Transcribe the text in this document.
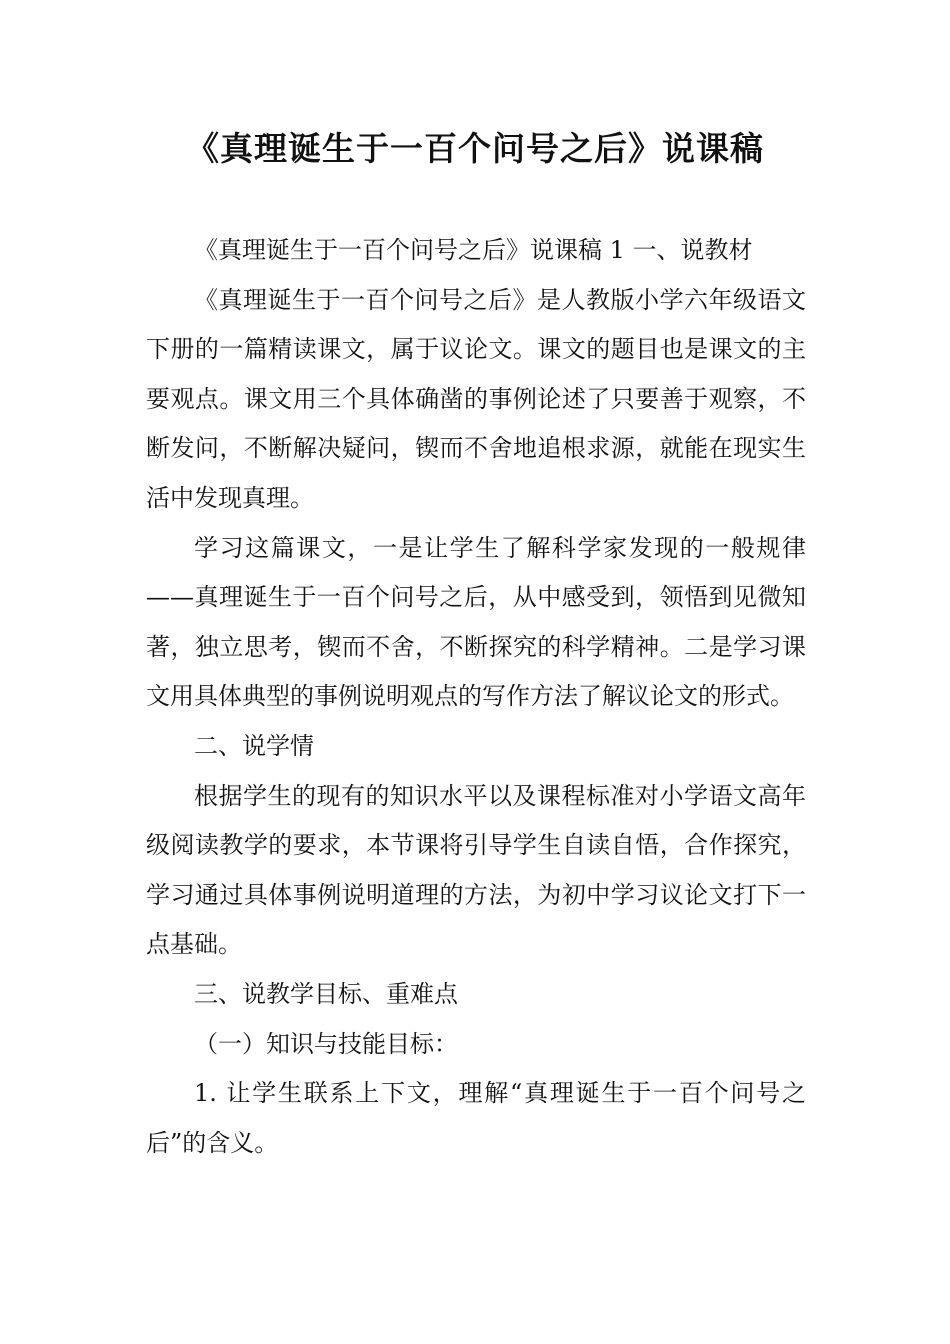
《真理诞生于一百个问号之后》说课稿

《真理诞生于一百个问号之后》说课稿 1 一、说教材

《真理诞生于一百个问号之后》是人教版小学六年级语文下册的一篇精读课文，属于议论文。课文的题目也是课文的主要观点。课文用三个具体确凿的事例论述了只要善于观察，不断发问，不断解决疑问，锲而不舍地追根求源，就能在现实生活中发现真理。

学习这篇课文，一是让学生了解科学家发现的一般规律——真理诞生于一百个问号之后，从中感受到，领悟到见微知著，独立思考，锲而不舍，不断探究的科学精神。二是学习课文用具体典型的事例说明观点的写作方法了解议论文的形式。

二、说学情

根据学生的现有的知识水平以及课程标准对小学语文高年级阅读教学的要求，本节课将引导学生自读自悟，合作探究，学习通过具体事例说明道理的方法，为初中学习议论文打下一点基础。

三、说教学目标、重难点

（一）知识与技能目标：

1. 让学生联系上下文，理解“真理诞生于一百个问号之后”的含义。
